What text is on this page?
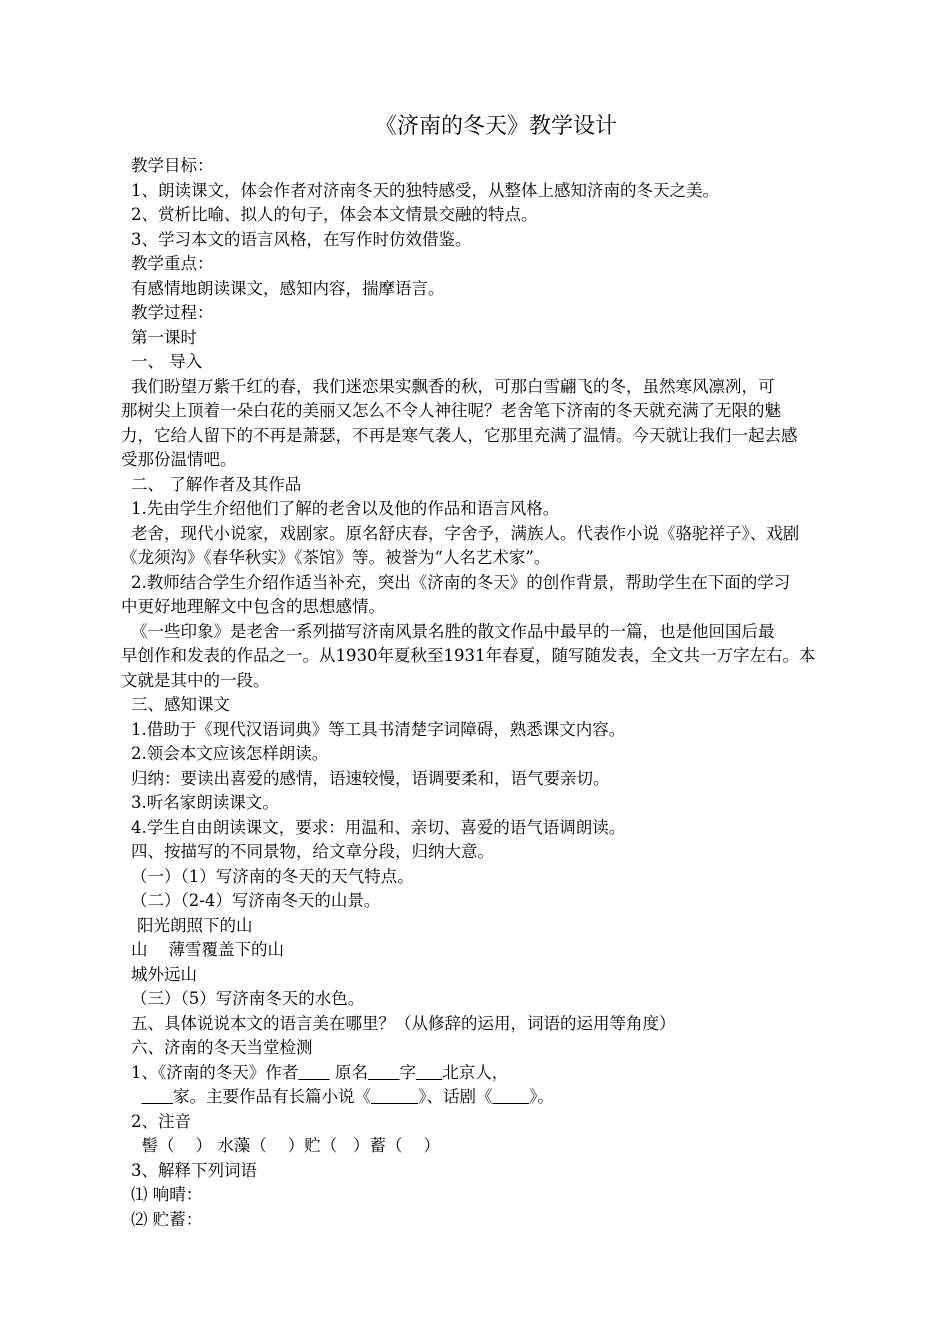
《济南的冬天》教学设计

教学目标：

1、朗读课文，体会作者对济南冬天的独特感受，从整体上感知济南的冬天之美。

2、赏析比喻、拟人的句子，体会本文情景交融的特点。

3、学习本文的语言风格，在写作时仿效借鉴。

教学重点：

有感情地朗读课文，感知内容，揣摩语言。

教学过程：

第一课时

一、 导入

我们盼望万紫千红的春，我们迷恋果实飘香的秋，可那白雪翩飞的冬，虽然寒风凛冽，可

那树尖上顶着一朵白花的美丽又怎么不令人神往呢？老舍笔下济南的冬天就充满了无限的魅

力，它给人留下的不再是萧瑟，不再是寒气袭人，它那里充满了温情。今天就让我们一起去感

受那份温情吧。

二、 了解作者及其作品

1.先由学生介绍他们了解的老舍以及他的作品和语言风格。

老舍，现代小说家，戏剧家。原名舒庆春，字舍予，满族人。代表作小说《骆驼祥子》、戏剧

《龙须沟》《春华秋实》《茶馆》等。被誉为“人名艺术家”。

2.教师结合学生介绍作适当补充，突出《济南的冬天》的创作背景，帮助学生在下面的学习

中更好地理解文中包含的思想感情。

《一些印象》是老舍一系列描写济南风景名胜的散文作品中最早的一篇，也是他回国后最

早创作和发表的作品之一。从1930年夏秋至1931年春夏，随写随发表，全文共一万字左右。本

文就是其中的一段。

三、感知课文

1.借助于《现代汉语词典》等工具书清楚字词障碍，熟悉课文内容。

2.领会本文应该怎样朗读。

归纳：要读出喜爱的感情，语速较慢，语调要柔和，语气要亲切。

3.听名家朗读课文。

4.学生自由朗读课文，要求：用温和、亲切、喜爱的语气语调朗读。

四、按描写的不同景物，给文章分段，归纳大意。

（一）（1）写济南的冬天的天气特点。

（二）（2-4）写济南冬天的山景。

阳光朗照下的山

山 薄雪覆盖下的山

城外远山

（三）（5）写济南冬天的水色。

五、具体说说本文的语言美在哪里？（从修辞的运用，词语的运用等角度）

六、济南的冬天当堂检测

1、《济南的冬天》作者 原名 字 北京人，

家。主要作品有长篇小说《	》、话剧《 》。

2、注音

髻（ ） 水藻（ ）贮（ ）蓄（ ）

3、解释下列词语

⑴ 响晴：

⑵ 贮蓄：
